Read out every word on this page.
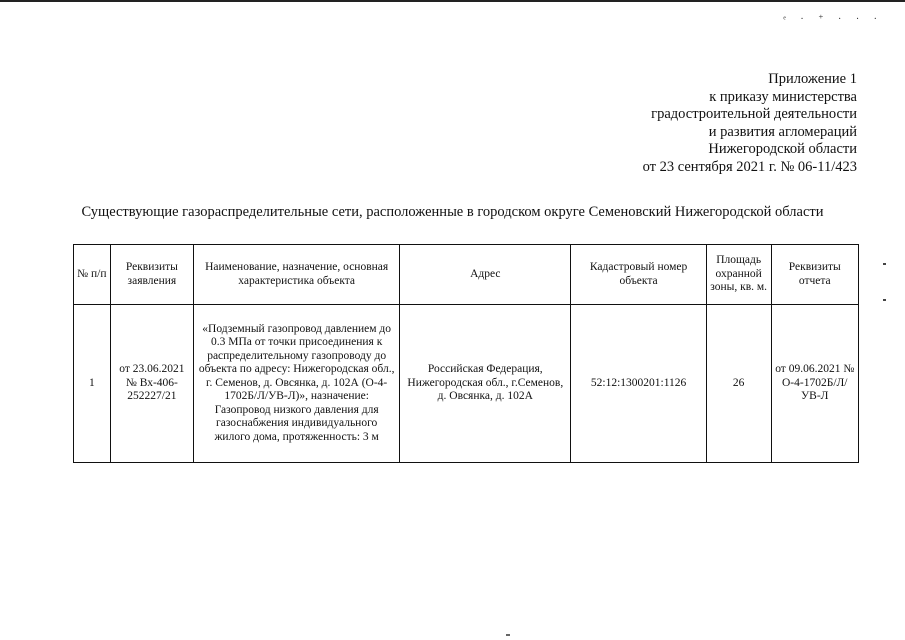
ᵉ · ⁺ · · ·
Приложение 1
к приказу министерства
градостроительной деятельности
и развития агломераций
Нижегородской области
от 23 сентября 2021 г. № 06-11/423
Существующие газораспределительные сети, расположенные в городском округе Семеновский Нижегородской области
№ п/п	Реквизиты заявления	Наименование, назначение, основная характеристика объекта	Адрес	Кадастровый номер объекта	Площадь охранной зоны, кв. м.	Реквизиты отчета
1	от 23.06.2021 № Вх-406-252227/21	«Подземный газопровод давлением до 0.3 МПа от точки присоединения к распределительному газопроводу до объекта по адресу: Нижегородская обл., г. Семенов, д. Овсянка, д. 102А (О-4-1702Б/Л/УВ-Л)», назначение: Газопровод низкого давления для газоснабжения индивидуального жилого дома, протяженность: 3 м	Российская Федерация, Нижегородская обл., г.Семенов, д. Овсянка, д. 102А	52:12:1300201:1126	26	от 09.06.2021 № О-4-1702Б/Л/УВ-Л
